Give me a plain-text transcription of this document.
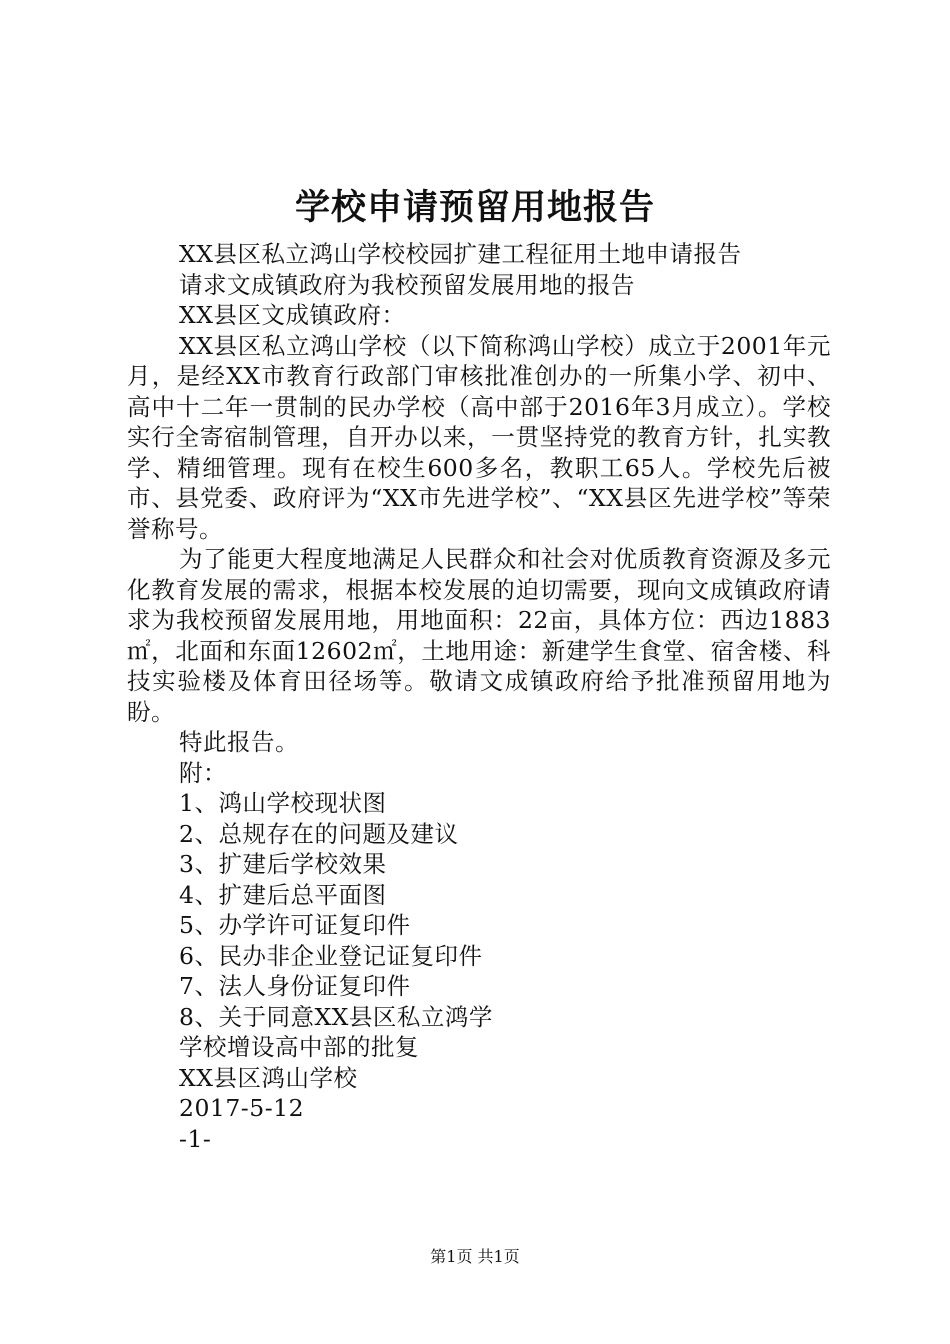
学校申请预留用地报告

XX县区私立鸿山学校校园扩建工程征用土地申请报告

请求文成镇政府为我校预留发展用地的报告

XX县区文成镇政府：

XX县区私立鸿山学校（以下简称鸿山学校）成立于2001年元月，是经XX市教育行政部门审核批准创办的一所集小学、初中、高中十二年一贯制的民办学校（高中部于2016年3月成立）。学校实行全寄宿制管理，自开办以来，一贯坚持党的教育方针，扎实教学、精细管理。现有在校生600多名，教职工65人。学校先后被市、县党委、政府评为“XX市先进学校”、“XX县区先进学校”等荣誉称号。

为了能更大程度地满足人民群众和社会对优质教育资源及多元化教育发展的需求，根据本校发展的迫切需要，现向文成镇政府请求为我校预留发展用地，用地面积：22亩，具体方位：西边1883㎡，北面和东面12602㎡，土地用途：新建学生食堂、宿舍楼、科技实验楼及体育田径场等。敬请文成镇政府给予批准预留用地为盼。

特此报告。

附：

1、鸿山学校现状图
2、总规存在的问题及建议
3、扩建后学校效果
4、扩建后总平面图
5、办学许可证复印件
6、民办非企业登记证复印件
7、法人身份证复印件
8、关于同意XX县区私立鸿学
学校增设高中部的批复

XX县区鸿山学校

2017-5-12

-1-

第1页 共1页
